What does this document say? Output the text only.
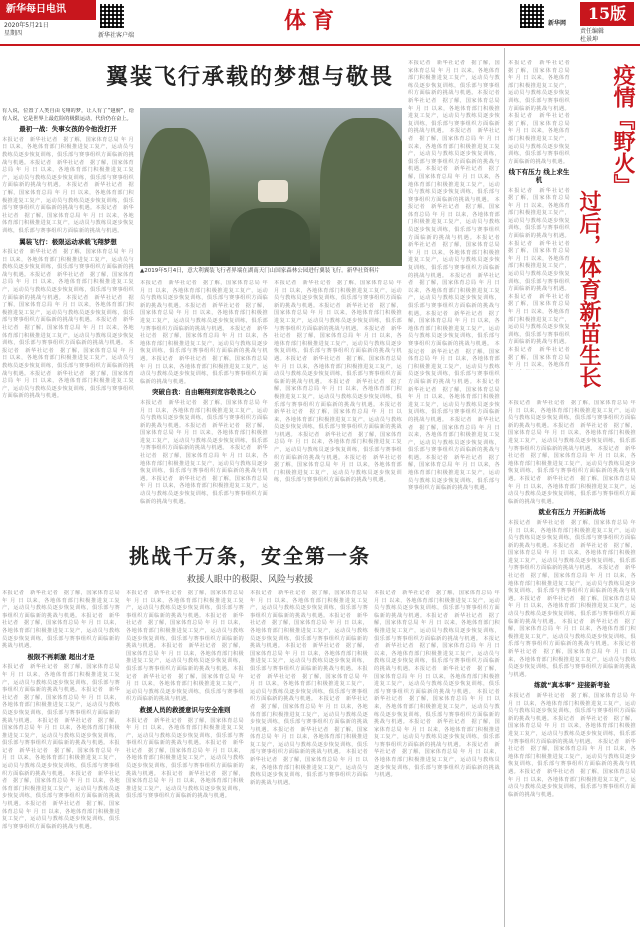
新华每日电讯
2020年5月21日
星期四	新华社客户端
体育	新华网
15版
责任编辑
杜景坤
翼装飞行承载的梦想与敬畏
▲2019年5月4日，意大利翼装飞行者界端在湖南天门山国家森林公园进行翼装飞行。新华社资料片
有人说，位置了人类自由飞翔的梦，让人有了“翅膀”，给有人说，它是世界上最危险的极限运动，代价仍在奋上。
最初一战：失事女孩的令他没打开
本报记者　新华社记者　据了解，国家体育总局 年 月 日 以来，各地体育部门积极推进复工复产，运动员与教练员逐步恢复训练，俱乐部与赛事组织方面临新的挑战与机遇。本报记者　新华社记者　据了解，国家体育总局 年 月 日 以来，各地体育部门积极推进复工复产，运动员与教练员逐步恢复训练，俱乐部与赛事组织方面临新的挑战与机遇。 本报记者　新华社记者　据了解，国家体育总局 年 月 日 以来，各地体育部门积极推进复工复产，运动员与教练员逐步恢复训练，俱乐部与赛事组织方面临新的挑战与机遇。本报记者　新华社记者　据了解，国家体育总局 年 月 日 以来，各地体育部门积极推进复工复产，运动员与教练员逐步恢复训练，俱乐部与赛事组织方面临新的挑战与机遇。
翼装飞行：极限运动承载飞翔梦想
本报记者　新华社记者　据了解，国家体育总局 年 月 日 以来，各地体育部门积极推进复工复产，运动员与教练员逐步恢复训练，俱乐部与赛事组织方面临新的挑战与机遇。本报记者　新华社记者　据了解，国家体育总局 年 月 日 以来，各地体育部门积极推进复工复产，运动员与教练员逐步恢复训练，俱乐部与赛事组织方面临新的挑战与机遇。 本报记者　新华社记者　据了解，国家体育总局 年 月 日 以来，各地体育部门积极推进复工复产，运动员与教练员逐步恢复训练，俱乐部与赛事组织方面临新的挑战与机遇。本报记者　新华社记者　据了解，国家体育总局 年 月 日 以来，各地体育部门积极推进复工复产，运动员与教练员逐步恢复训练，俱乐部与赛事组织方面临新的挑战与机遇。 本报记者　新华社记者　据了解，国家体育总局 年 月 日 以来，各地体育部门积极推进复工复产，运动员与教练员逐步恢复训练，俱乐部与赛事组织方面临新的挑战与机遇。本报记者　新华社记者　据了解，国家体育总局 年 月 日 以来，各地体育部门积极推进复工复产，运动员与教练员逐步恢复训练，俱乐部与赛事组织方面临新的挑战与机遇。
本报记者　新华社记者　据了解，国家体育总局 年 月 日 以来，各地体育部门积极推进复工复产，运动员与教练员逐步恢复训练，俱乐部与赛事组织方面临新的挑战与机遇。本报记者　新华社记者　据了解，国家体育总局 年 月 日 以来，各地体育部门积极推进复工复产，运动员与教练员逐步恢复训练，俱乐部与赛事组织方面临新的挑战与机遇。 本报记者　新华社记者　据了解，国家体育总局 年 月 日 以来，各地体育部门积极推进复工复产，运动员与教练员逐步恢复训练，俱乐部与赛事组织方面临新的挑战与机遇。本报记者　新华社记者　据了解，国家体育总局 年 月 日 以来，各地体育部门积极推进复工复产，运动员与教练员逐步恢复训练，俱乐部与赛事组织方面临新的挑战与机遇。
突破自我：自由翱翔到宽容敬畏之心
本报记者　新华社记者　据了解，国家体育总局 年 月 日 以来，各地体育部门积极推进复工复产，运动员与教练员逐步恢复训练，俱乐部与赛事组织方面临新的挑战与机遇。本报记者　新华社记者　据了解，国家体育总局 年 月 日 以来，各地体育部门积极推进复工复产，运动员与教练员逐步恢复训练，俱乐部与赛事组织方面临新的挑战与机遇。 本报记者　新华社记者　据了解，国家体育总局 年 月 日 以来，各地体育部门积极推进复工复产，运动员与教练员逐步恢复训练，俱乐部与赛事组织方面临新的挑战与机遇。本报记者　新华社记者　据了解，国家体育总局 年 月 日 以来，各地体育部门积极推进复工复产，运动员与教练员逐步恢复训练，俱乐部与赛事组织方面临新的挑战与机遇。
本报记者　新华社记者　据了解，国家体育总局 年 月 日 以来，各地体育部门积极推进复工复产，运动员与教练员逐步恢复训练，俱乐部与赛事组织方面临新的挑战与机遇。本报记者　新华社记者　据了解，国家体育总局 年 月 日 以来，各地体育部门积极推进复工复产，运动员与教练员逐步恢复训练，俱乐部与赛事组织方面临新的挑战与机遇。 本报记者　新华社记者　据了解，国家体育总局 年 月 日 以来，各地体育部门积极推进复工复产，运动员与教练员逐步恢复训练，俱乐部与赛事组织方面临新的挑战与机遇。本报记者　新华社记者　据了解，国家体育总局 年 月 日 以来，各地体育部门积极推进复工复产，运动员与教练员逐步恢复训练，俱乐部与赛事组织方面临新的挑战与机遇。 本报记者　新华社记者　据了解，国家体育总局 年 月 日 以来，各地体育部门积极推进复工复产，运动员与教练员逐步恢复训练，俱乐部与赛事组织方面临新的挑战与机遇。本报记者　新华社记者　据了解，国家体育总局 年 月 日 以来，各地体育部门积极推进复工复产，运动员与教练员逐步恢复训练，俱乐部与赛事组织方面临新的挑战与机遇。 本报记者　新华社记者　据了解，国家体育总局 年 月 日 以来，各地体育部门积极推进复工复产，运动员与教练员逐步恢复训练，俱乐部与赛事组织方面临新的挑战与机遇。本报记者　新华社记者　据了解，国家体育总局 年 月 日 以来，各地体育部门积极推进复工复产，运动员与教练员逐步恢复训练，俱乐部与赛事组织方面临新的挑战与机遇。
本报记者　新华社记者　据了解，国家体育总局 年 月 日 以来，各地体育部门积极推进复工复产，运动员与教练员逐步恢复训练，俱乐部与赛事组织方面临新的挑战与机遇。本报记者　新华社记者　据了解，国家体育总局 年 月 日 以来，各地体育部门积极推进复工复产，运动员与教练员逐步恢复训练，俱乐部与赛事组织方面临新的挑战与机遇。 本报记者　新华社记者　据了解，国家体育总局 年 月 日 以来，各地体育部门积极推进复工复产，运动员与教练员逐步恢复训练，俱乐部与赛事组织方面临新的挑战与机遇。本报记者　新华社记者　据了解，国家体育总局 年 月 日 以来，各地体育部门积极推进复工复产，运动员与教练员逐步恢复训练，俱乐部与赛事组织方面临新的挑战与机遇。 本报记者　新华社记者　据了解，国家体育总局 年 月 日 以来，各地体育部门积极推进复工复产，运动员与教练员逐步恢复训练，俱乐部与赛事组织方面临新的挑战与机遇。本报记者　新华社记者　据了解，国家体育总局 年 月 日 以来，各地体育部门积极推进复工复产，运动员与教练员逐步恢复训练，俱乐部与赛事组织方面临新的挑战与机遇。 本报记者　新华社记者　据了解，国家体育总局 年 月 日 以来，各地体育部门积极推进复工复产，运动员与教练员逐步恢复训练，俱乐部与赛事组织方面临新的挑战与机遇。本报记者　新华社记者　据了解，国家体育总局 年 月 日 以来，各地体育部门积极推进复工复产，运动员与教练员逐步恢复训练，俱乐部与赛事组织方面临新的挑战与机遇。 本报记者　新华社记者　据了解，国家体育总局 年 月 日 以来，各地体育部门积极推进复工复产，运动员与教练员逐步恢复训练，俱乐部与赛事组织方面临新的挑战与机遇。本报记者　新华社记者　据了解，国家体育总局 年 月 日 以来，各地体育部门积极推进复工复产，运动员与教练员逐步恢复训练，俱乐部与赛事组织方面临新的挑战与机遇。 本报记者　新华社记者　据了解，国家体育总局 年 月 日 以来，各地体育部门积极推进复工复产，运动员与教练员逐步恢复训练，俱乐部与赛事组织方面临新的挑战与机遇。本报记者　新华社记者　据了解，国家体育总局 年 月 日 以来，各地体育部门积极推进复工复产，运动员与教练员逐步恢复训练，俱乐部与赛事组织方面临新的挑战与机遇。
挑战千万条，安全第一条
救援人眼中的极限、风险与救援
本报记者　新华社记者　据了解，国家体育总局 年 月 日 以来，各地体育部门积极推进复工复产，运动员与教练员逐步恢复训练，俱乐部与赛事组织方面临新的挑战与机遇。本报记者　新华社记者　据了解，国家体育总局 年 月 日 以来，各地体育部门积极推进复工复产，运动员与教练员逐步恢复训练，俱乐部与赛事组织方面临新的挑战与机遇。
极限不再刺激 超出才是
本报记者　新华社记者　据了解，国家体育总局 年 月 日 以来，各地体育部门积极推进复工复产，运动员与教练员逐步恢复训练，俱乐部与赛事组织方面临新的挑战与机遇。本报记者　新华社记者　据了解，国家体育总局 年 月 日 以来，各地体育部门积极推进复工复产，运动员与教练员逐步恢复训练，俱乐部与赛事组织方面临新的挑战与机遇。 本报记者　新华社记者　据了解，国家体育总局 年 月 日 以来，各地体育部门积极推进复工复产，运动员与教练员逐步恢复训练，俱乐部与赛事组织方面临新的挑战与机遇。本报记者　新华社记者　据了解，国家体育总局 年 月 日 以来，各地体育部门积极推进复工复产，运动员与教练员逐步恢复训练，俱乐部与赛事组织方面临新的挑战与机遇。 本报记者　新华社记者　据了解，国家体育总局 年 月 日 以来，各地体育部门积极推进复工复产，运动员与教练员逐步恢复训练，俱乐部与赛事组织方面临新的挑战与机遇。本报记者　新华社记者　据了解，国家体育总局 年 月 日 以来，各地体育部门积极推进复工复产，运动员与教练员逐步恢复训练，俱乐部与赛事组织方面临新的挑战与机遇。
本报记者　新华社记者　据了解，国家体育总局 年 月 日 以来，各地体育部门积极推进复工复产，运动员与教练员逐步恢复训练，俱乐部与赛事组织方面临新的挑战与机遇。本报记者　新华社记者　据了解，国家体育总局 年 月 日 以来，各地体育部门积极推进复工复产，运动员与教练员逐步恢复训练，俱乐部与赛事组织方面临新的挑战与机遇。 本报记者　新华社记者　据了解，国家体育总局 年 月 日 以来，各地体育部门积极推进复工复产，运动员与教练员逐步恢复训练，俱乐部与赛事组织方面临新的挑战与机遇。本报记者　新华社记者　据了解，国家体育总局 年 月 日 以来，各地体育部门积极推进复工复产，运动员与教练员逐步恢复训练，俱乐部与赛事组织方面临新的挑战与机遇。
救援人员的救援意识与安全准则
本报记者　新华社记者　据了解，国家体育总局 年 月 日 以来，各地体育部门积极推进复工复产，运动员与教练员逐步恢复训练，俱乐部与赛事组织方面临新的挑战与机遇。本报记者　新华社记者　据了解，国家体育总局 年 月 日 以来，各地体育部门积极推进复工复产，运动员与教练员逐步恢复训练，俱乐部与赛事组织方面临新的挑战与机遇。 本报记者　新华社记者　据了解，国家体育总局 年 月 日 以来，各地体育部门积极推进复工复产，运动员与教练员逐步恢复训练，俱乐部与赛事组织方面临新的挑战与机遇。
本报记者　新华社记者　据了解，国家体育总局 年 月 日 以来，各地体育部门积极推进复工复产，运动员与教练员逐步恢复训练，俱乐部与赛事组织方面临新的挑战与机遇。本报记者　新华社记者　据了解，国家体育总局 年 月 日 以来，各地体育部门积极推进复工复产，运动员与教练员逐步恢复训练，俱乐部与赛事组织方面临新的挑战与机遇。 本报记者　新华社记者　据了解，国家体育总局 年 月 日 以来，各地体育部门积极推进复工复产，运动员与教练员逐步恢复训练，俱乐部与赛事组织方面临新的挑战与机遇。本报记者　新华社记者　据了解，国家体育总局 年 月 日 以来，各地体育部门积极推进复工复产，运动员与教练员逐步恢复训练，俱乐部与赛事组织方面临新的挑战与机遇。 本报记者　新华社记者　据了解，国家体育总局 年 月 日 以来，各地体育部门积极推进复工复产，运动员与教练员逐步恢复训练，俱乐部与赛事组织方面临新的挑战与机遇。本报记者　新华社记者　据了解，国家体育总局 年 月 日 以来，各地体育部门积极推进复工复产，运动员与教练员逐步恢复训练，俱乐部与赛事组织方面临新的挑战与机遇。 本报记者　新华社记者　据了解，国家体育总局 年 月 日 以来，各地体育部门积极推进复工复产，运动员与教练员逐步恢复训练，俱乐部与赛事组织方面临新的挑战与机遇。
本报记者　新华社记者　据了解，国家体育总局 年 月 日 以来，各地体育部门积极推进复工复产，运动员与教练员逐步恢复训练，俱乐部与赛事组织方面临新的挑战与机遇。本报记者　新华社记者　据了解，国家体育总局 年 月 日 以来，各地体育部门积极推进复工复产，运动员与教练员逐步恢复训练，俱乐部与赛事组织方面临新的挑战与机遇。 本报记者　新华社记者　据了解，国家体育总局 年 月 日 以来，各地体育部门积极推进复工复产，运动员与教练员逐步恢复训练，俱乐部与赛事组织方面临新的挑战与机遇。本报记者　新华社记者　据了解，国家体育总局 年 月 日 以来，各地体育部门积极推进复工复产，运动员与教练员逐步恢复训练，俱乐部与赛事组织方面临新的挑战与机遇。 本报记者　新华社记者　据了解，国家体育总局 年 月 日 以来，各地体育部门积极推进复工复产，运动员与教练员逐步恢复训练，俱乐部与赛事组织方面临新的挑战与机遇。本报记者　新华社记者　据了解，国家体育总局 年 月 日 以来，各地体育部门积极推进复工复产，运动员与教练员逐步恢复训练，俱乐部与赛事组织方面临新的挑战与机遇。 本报记者　新华社记者　据了解，国家体育总局 年 月 日 以来，各地体育部门积极推进复工复产，运动员与教练员逐步恢复训练，俱乐部与赛事组织方面临新的挑战与机遇。
疫情『野火』
过后，体育新苗生长
本报记者　新华社记者　据了解，国家体育总局 年 月 日 以来，各地体育部门积极推进复工复产，运动员与教练员逐步恢复训练，俱乐部与赛事组织方面临新的挑战与机遇。本报记者　新华社记者　据了解，国家体育总局 年 月 日 以来，各地体育部门积极推进复工复产，运动员与教练员逐步恢复训练，俱乐部与赛事组织方面临新的挑战与机遇。
线下有压力 线上求生机
本报记者　新华社记者　据了解，国家体育总局 年 月 日 以来，各地体育部门积极推进复工复产，运动员与教练员逐步恢复训练，俱乐部与赛事组织方面临新的挑战与机遇。本报记者　新华社记者　据了解，国家体育总局 年 月 日 以来，各地体育部门积极推进复工复产，运动员与教练员逐步恢复训练，俱乐部与赛事组织方面临新的挑战与机遇。 本报记者　新华社记者　据了解，国家体育总局 年 月 日 以来，各地体育部门积极推进复工复产，运动员与教练员逐步恢复训练，俱乐部与赛事组织方面临新的挑战与机遇。本报记者　新华社记者　据了解，国家体育总局 年 月 日 以来，各地体育
本报记者　新华社记者　据了解，国家体育总局 年 月 日 以来，各地体育部门积极推进复工复产，运动员与教练员逐步恢复训练，俱乐部与赛事组织方面临新的挑战与机遇。本报记者　新华社记者　据了解，国家体育总局 年 月 日 以来，各地体育部门积极推进复工复产，运动员与教练员逐步恢复训练，俱乐部与赛事组织方面临新的挑战与机遇。 本报记者　新华社记者　据了解，国家体育总局 年 月 日 以来，各地体育部门积极推进复工复产，运动员与教练员逐步恢复训练，俱乐部与赛事组织方面临新的挑战与机遇。本报记者　新华社记者　据了解，国家体育总局 年 月 日 以来，各地体育部门积极推进复工复产，运动员与教练员逐步恢复训练，俱乐部与赛事组织方面临新的挑战与机遇。
就业有压力 开拓新战场
本报记者　新华社记者　据了解，国家体育总局 年 月 日 以来，各地体育部门积极推进复工复产，运动员与教练员逐步恢复训练，俱乐部与赛事组织方面临新的挑战与机遇。本报记者　新华社记者　据了解，国家体育总局 年 月 日 以来，各地体育部门积极推进复工复产，运动员与教练员逐步恢复训练，俱乐部与赛事组织方面临新的挑战与机遇。 本报记者　新华社记者　据了解，国家体育总局 年 月 日 以来，各地体育部门积极推进复工复产，运动员与教练员逐步恢复训练，俱乐部与赛事组织方面临新的挑战与机遇。本报记者　新华社记者　据了解，国家体育总局 年 月 日 以来，各地体育部门积极推进复工复产，运动员与教练员逐步恢复训练，俱乐部与赛事组织方面临新的挑战与机遇。 本报记者　新华社记者　据了解，国家体育总局 年 月 日 以来，各地体育部门积极推进复工复产，运动员与教练员逐步恢复训练，俱乐部与赛事组织方面临新的挑战与机遇。本报记者　新华社记者　据了解，国家体育总局 年 月 日 以来，各地体育部门积极推进复工复产，运动员与教练员逐步恢复训练，俱乐部与赛事组织方面临新的挑战与机遇。
练就“真本事” 迎接新考验
本报记者　新华社记者　据了解，国家体育总局 年 月 日 以来，各地体育部门积极推进复工复产，运动员与教练员逐步恢复训练，俱乐部与赛事组织方面临新的挑战与机遇。本报记者　新华社记者　据了解，国家体育总局 年 月 日 以来，各地体育部门积极推进复工复产，运动员与教练员逐步恢复训练，俱乐部与赛事组织方面临新的挑战与机遇。 本报记者　新华社记者　据了解，国家体育总局 年 月 日 以来，各地体育部门积极推进复工复产，运动员与教练员逐步恢复训练，俱乐部与赛事组织方面临新的挑战与机遇。本报记者　新华社记者　据了解，国家体育总局 年 月 日 以来，各地体育部门积极推进复工复产，运动员与教练员逐步恢复训练，俱乐部与赛事组织方面临新的挑战与机遇。
